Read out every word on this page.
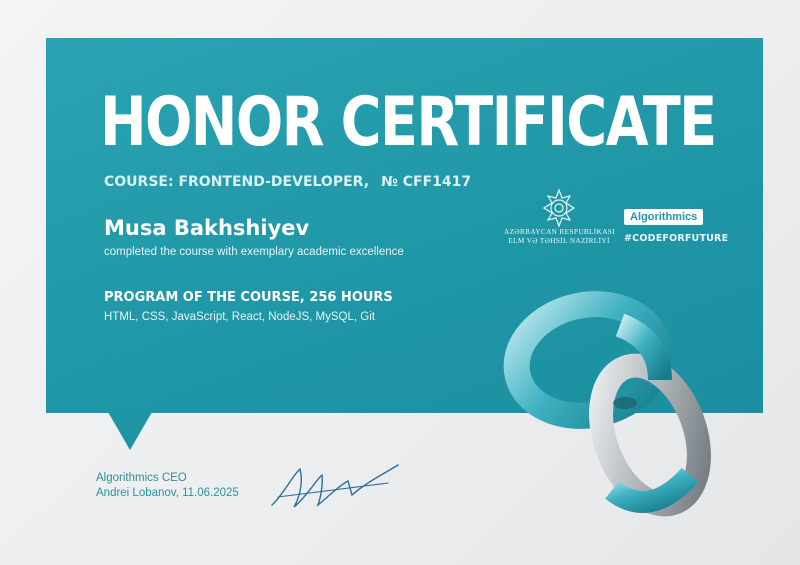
HONOR CERTIFICATE
COURSE: FRONTEND-DEVELOPER, № CFF1417
Musa Bakhshiyev
completed the course with exemplary academic excellence
PROGRAM OF THE COURSE, 256 HOURS
HTML, CSS, JavaScript, React, NodeJS, MySQL, Git
AZƏRBAYCAN RESPUBLİKASI
ELM VƏ TƏHSİL NAZİRLİYİ
Algorithmics
#CODEFORFUTURE
Algorithmics CEO
Andrei Lobanov, 11.06.2025
